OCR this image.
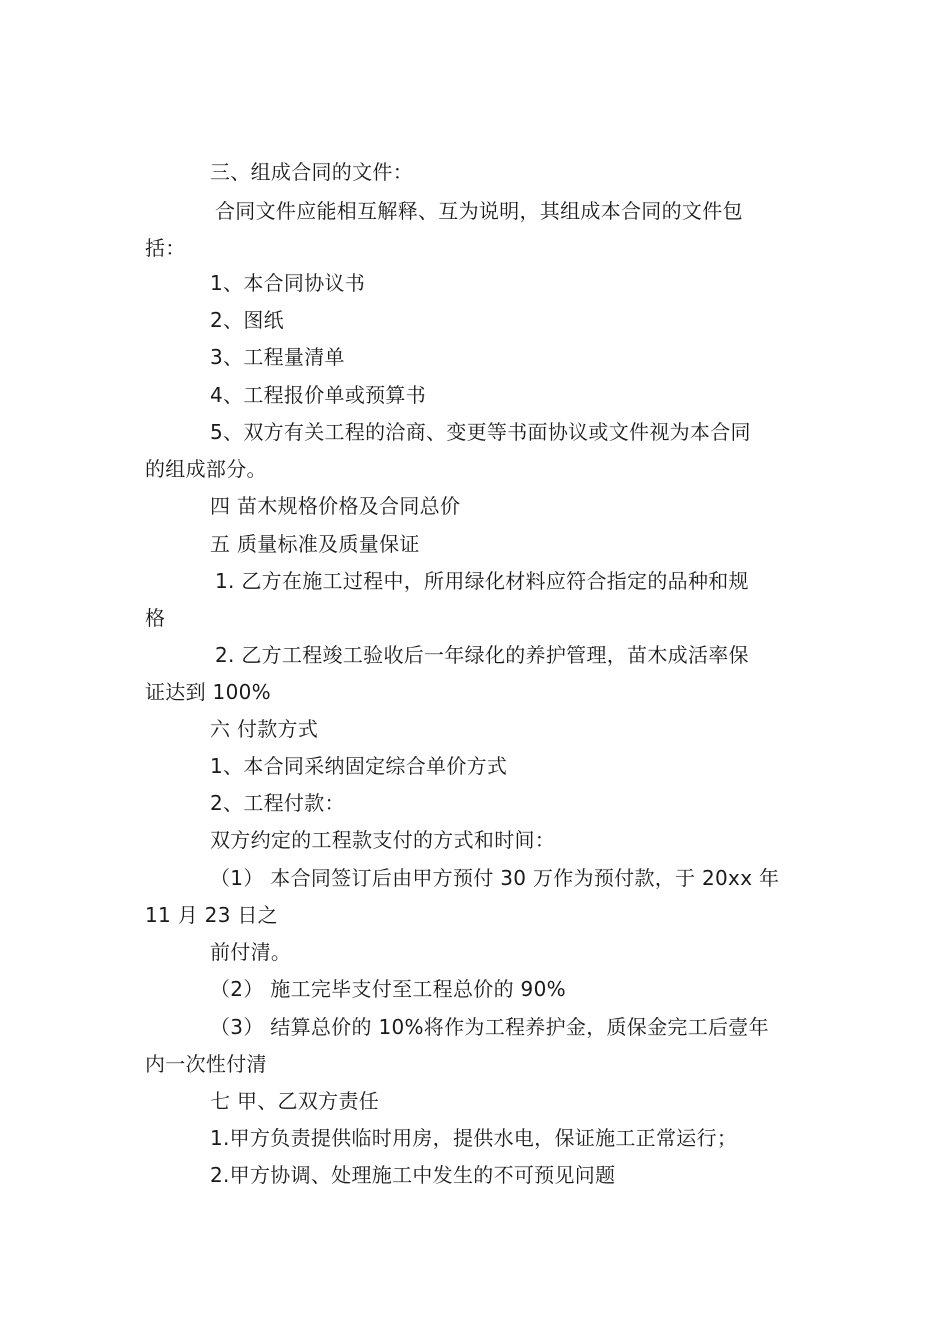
三、组成合同的文件：
合同文件应能相互解释、互为说明，其组成本合同的文件包
括：
1、本合同协议书
2、图纸
3、工程量清单
4、工程报价单或预算书
5、双方有关工程的洽商、变更等书面协议或文件视为本合同
的组成部分。
四 苗木规格价格及合同总价
五 质量标准及质量保证
1. 乙方在施工过程中，所用绿化材料应符合指定的品种和规
格
2. 乙方工程竣工验收后一年绿化的养护管理，苗木成活率保
证达到 100%
六 付款方式
1、本合同采纳固定综合单价方式
2、工程付款：
双方约定的工程款支付的方式和时间：
（1） 本合同签订后由甲方预付 30 万作为预付款，于 20xx 年
11 月 23 日之
前付清。
（2） 施工完毕支付至工程总价的 90%
（3） 结算总价的 10%将作为工程养护金，质保金完工后壹年
内一次性付清
七 甲、乙双方责任
1.甲方负责提供临时用房，提供水电，保证施工正常运行；
2.甲方协调、处理施工中发生的不可预见问题
